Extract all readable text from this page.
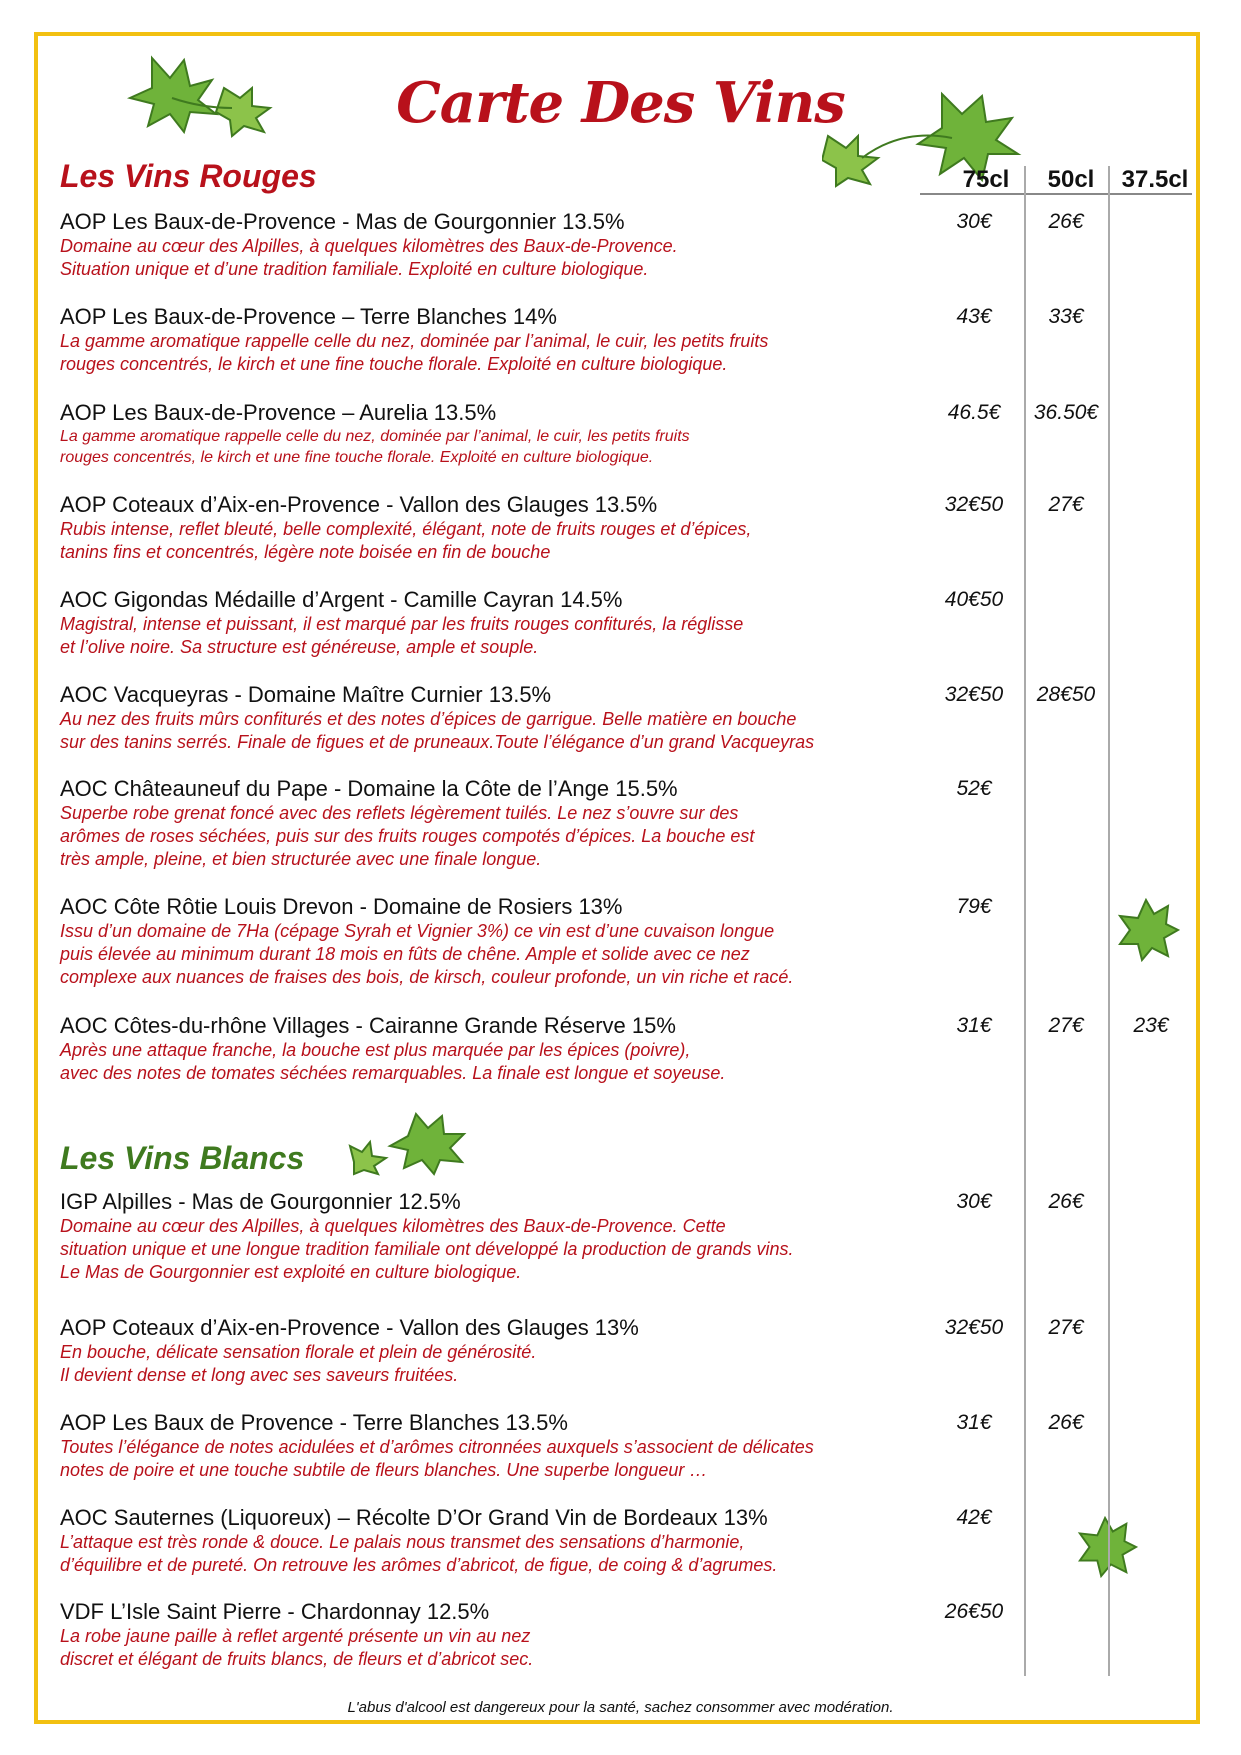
Carte Des Vins
Les Vins Rouges
Les Vins Blancs
75cl	50cl	37.5cl
AOP Les Baux-de-Provence - Mas de Gourgonnier 13.5%
Domaine au cœur des Alpilles, à quelques kilomètres des Baux-de-Provence.
Situation unique et d’une tradition familiale. Exploité en culture biologique.
30€	26€
AOP Les Baux-de-Provence – Terre Blanches 14%
La gamme aromatique rappelle celle du nez, dominée par l’animal, le cuir, les petits fruits
rouges concentrés, le kirch et une fine touche florale. Exploité en culture biologique.
43€	33€
AOP Les Baux-de-Provence – Aurelia 13.5%
La gamme aromatique rappelle celle du nez, dominée par l’animal, le cuir, les petits fruits
rouges concentrés, le kirch et une fine touche florale. Exploité en culture biologique.
46.5€	36.50€
AOP Coteaux d’Aix-en-Provence - Vallon des Glauges 13.5%
Rubis intense, reflet bleuté, belle complexité, élégant, note de fruits rouges et d’épices,
tanins fins et concentrés, légère note boisée en fin de bouche
32€50	27€
AOC Gigondas Médaille d’Argent - Camille Cayran 14.5%
Magistral, intense et puissant, il est marqué par les fruits rouges confiturés, la réglisse
et l’olive noire. Sa structure est généreuse, ample et souple.
40€50
AOC Vacqueyras - Domaine Maître Curnier 13.5%
Au nez des fruits mûrs confiturés et des notes d’épices de garrigue. Belle matière en bouche
sur des tanins serrés. Finale de figues et de pruneaux.Toute l’élégance d’un grand Vacqueyras
32€50	28€50
AOC Châteauneuf du Pape - Domaine la Côte de l’Ange 15.5%
Superbe robe grenat foncé avec des reflets légèrement tuilés. Le nez s’ouvre sur des
arômes de roses séchées, puis sur des fruits rouges compotés d’épices. La bouche est
très ample, pleine, et bien structurée avec une finale longue.
52€
AOC Côte Rôtie Louis Drevon - Domaine de Rosiers 13%
Issu d’un domaine de 7Ha (cépage Syrah et Vignier 3%) ce vin est d’une cuvaison longue
puis élevée au minimum durant 18 mois en fûts de chêne. Ample et solide avec ce nez
complexe aux nuances de fraises des bois, de kirsch, couleur profonde, un vin riche et racé.
79€
AOC Côtes-du-rhône Villages - Cairanne Grande Réserve 15%
Après une attaque franche, la bouche est plus marquée par les épices (poivre),
avec des notes de tomates séchées remarquables. La finale est longue et soyeuse.
31€	27€	23€
IGP Alpilles - Mas de Gourgonnier 12.5%
Domaine au cœur des Alpilles, à quelques kilomètres des Baux-de-Provence. Cette
situation unique et une longue tradition familiale ont développé la production de grands vins.
Le Mas de Gourgonnier est exploité en culture biologique.
30€	26€
AOP Coteaux d’Aix-en-Provence - Vallon des Glauges 13%
En bouche, délicate sensation florale et plein de générosité.
Il devient dense et long avec ses saveurs fruitées.
32€50	27€
AOP Les Baux de Provence - Terre Blanches 13.5%
Toutes l’élégance de notes acidulées et d’arômes citronnées auxquels s’associent de délicates
notes de poire et une touche subtile de fleurs blanches. Une superbe longueur …
31€	26€
AOC Sauternes (Liquoreux) – Récolte D’Or Grand Vin de Bordeaux 13%
L’attaque est très ronde & douce. Le palais nous transmet des sensations d’harmonie,
d’équilibre et de pureté. On retrouve les arômes d’abricot, de figue, de coing & d’agrumes.
42€
VDF L’Isle Saint Pierre - Chardonnay 12.5%
La robe jaune paille à reflet argenté présente un vin au nez
discret et élégant de fruits blancs, de fleurs et d’abricot sec.
26€50
L'abus d'alcool est dangereux pour la santé, sachez consommer avec modération.
